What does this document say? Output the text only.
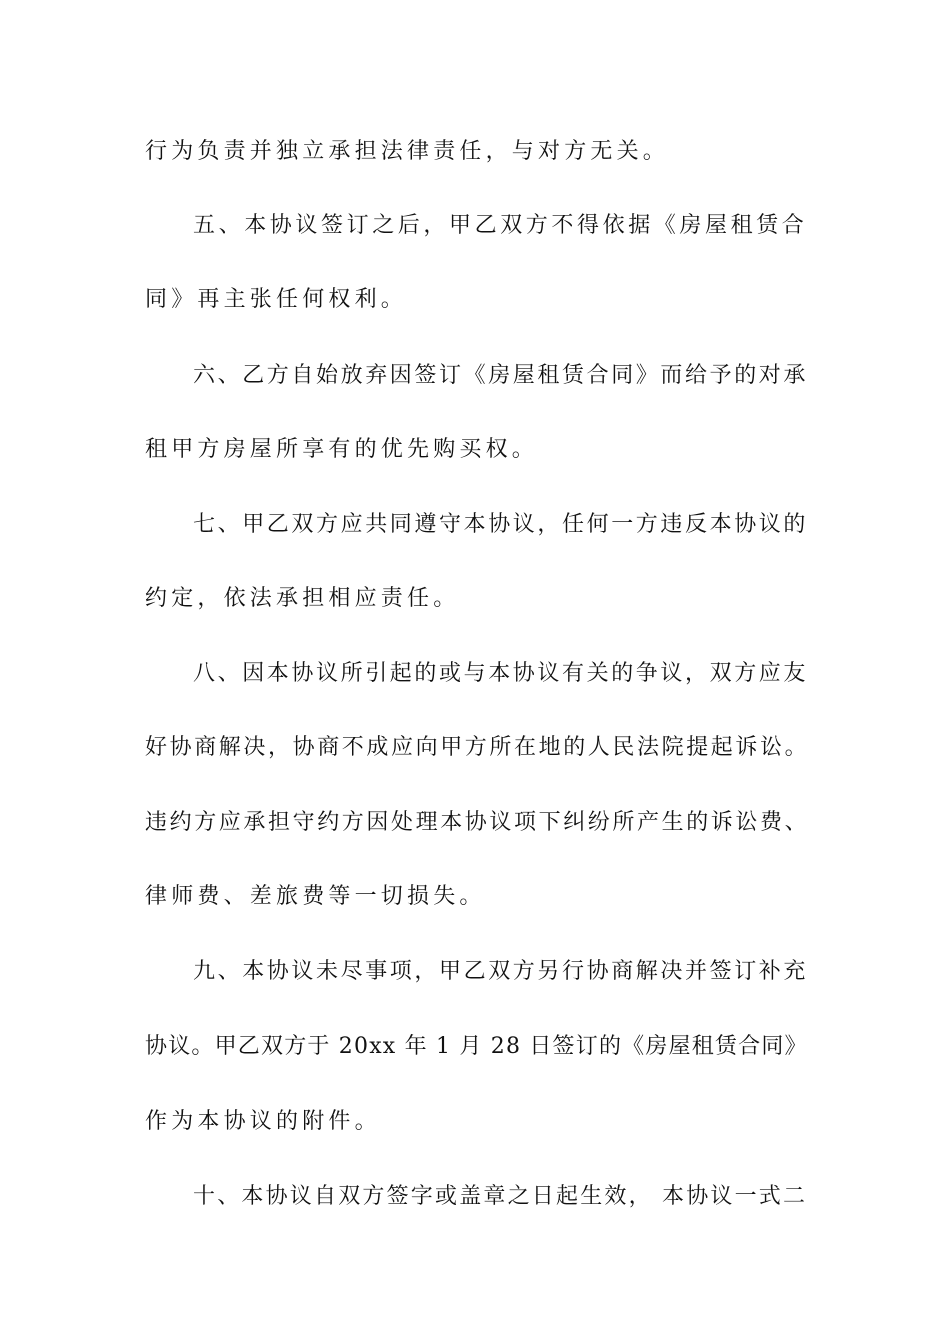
行为负责并独立承担法律责任，与对方无关。
五、本协议签订之后，甲乙双方不得依据《房屋租赁合
同》再主张任何权利。
六、乙方自始放弃因签订《房屋租赁合同》而给予的对承
租甲方房屋所享有的优先购买权。
七、甲乙双方应共同遵守本协议，任何一方违反本协议的
约定，依法承担相应责任。
八、因本协议所引起的或与本协议有关的争议，双方应友
好协商解决，协商不成应向甲方所在地的人民法院提起诉讼。
违约方应承担守约方因处理本协议项下纠纷所产生的诉讼费、
律师费、差旅费等一切损失。
九、本协议未尽事项，甲乙双方另行协商解决并签订补充
协议。甲乙双方于 20xx 年 1 月 28 日签订的《房屋租赁合同》
作为本协议的附件。
十、本协议自双方签字或盖章之日起生效， 本协议一式二
